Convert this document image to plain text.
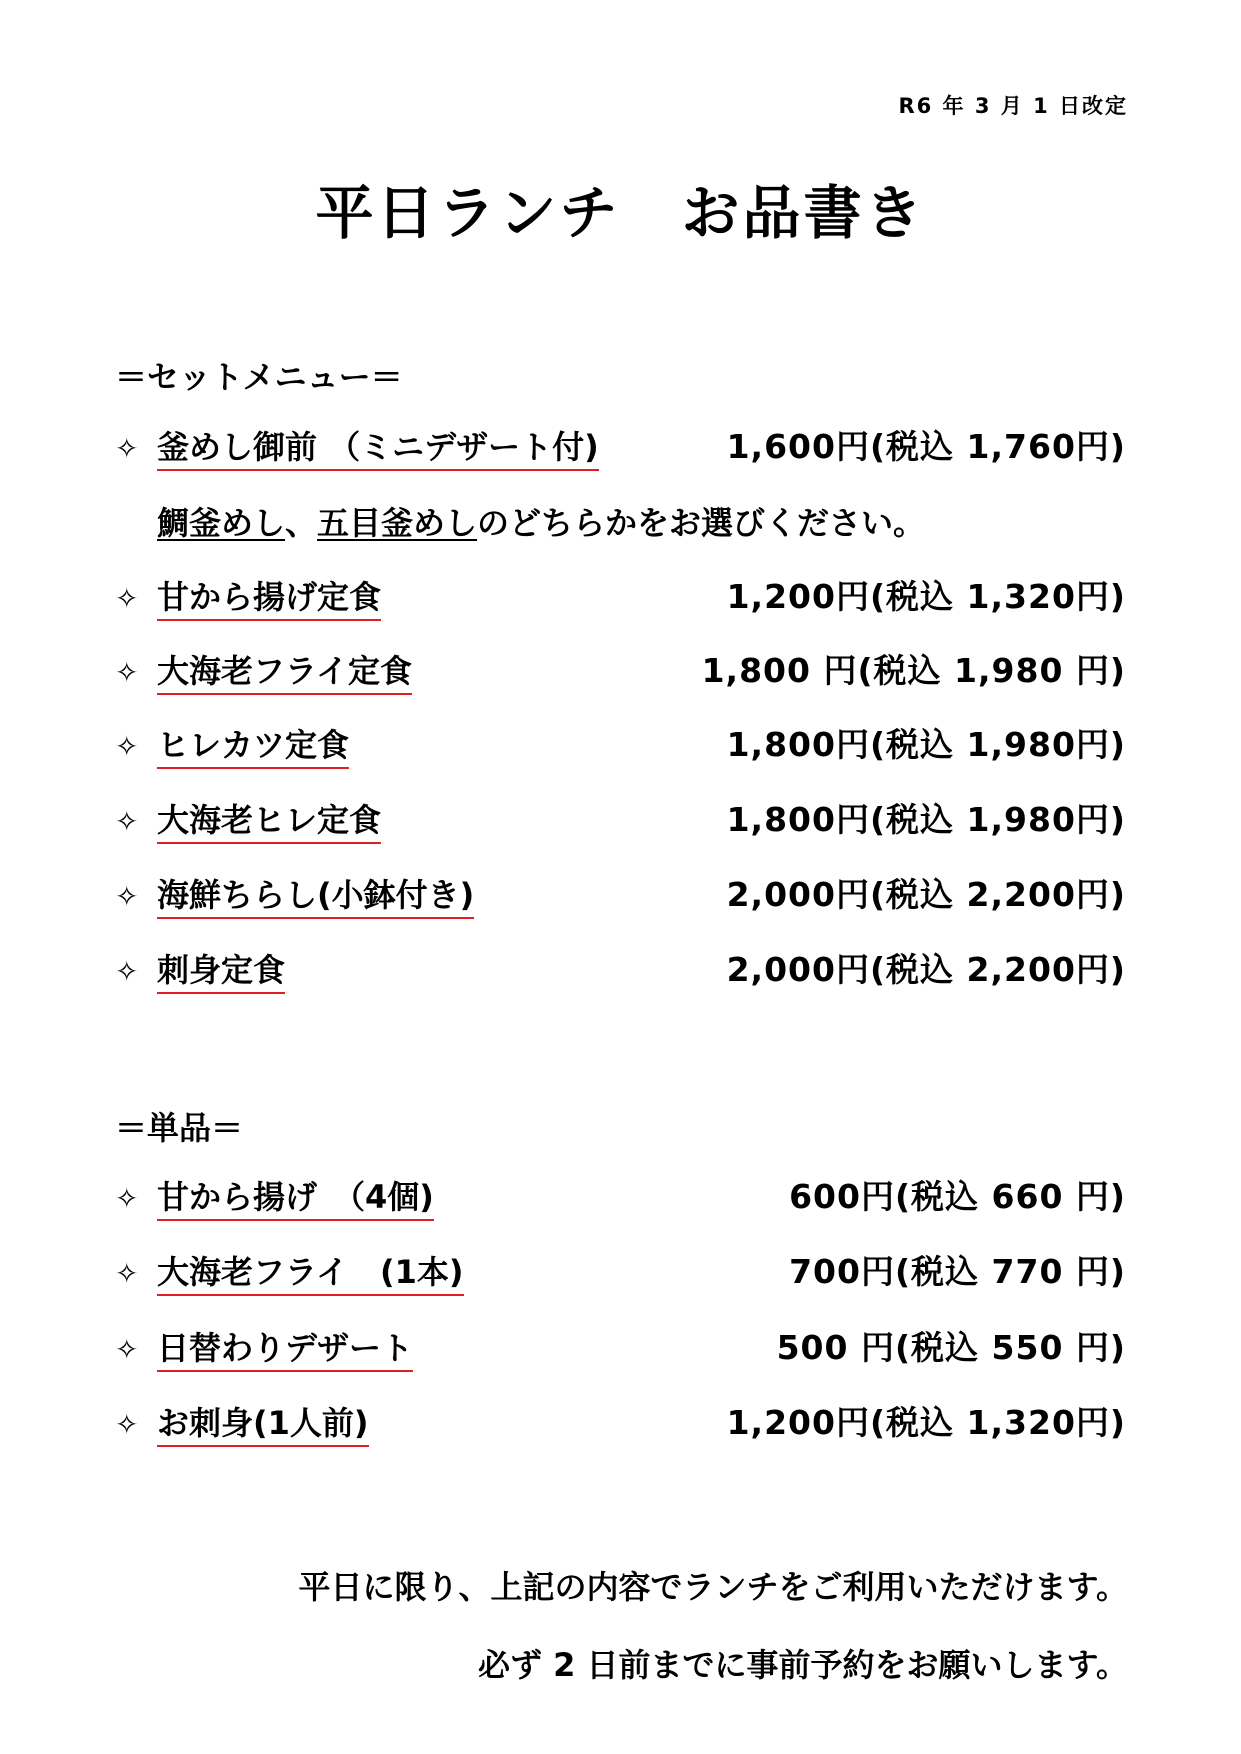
R6 年 3 月 1 日改定
平日ランチ　お品書き
＝セットメニュー＝
✧ 釜めし御前 （ミニデザート付)	1,600円(税込 1,760円)
鯛釜めし、五目釜めしのどちらかをお選びください。
✧ 甘から揚げ定食	1,200円(税込 1,320円)
✧ 大海老フライ定食	1,800 円(税込 1,980 円)
✧ ヒレカツ定食	1,800円(税込 1,980円)
✧ 大海老ヒレ定食	1,800円(税込 1,980円)
✧ 海鮮ちらし(小鉢付き)	2,000円(税込 2,200円)
✧ 刺身定食	2,000円(税込 2,200円)
＝単品＝
✧ 甘から揚げ　（4個)	600円(税込 660 円)
✧ 大海老フライ　(1本)	700円(税込 770 円)
✧ 日替わりデザート	500 円(税込 550 円)
✧ お刺身(1人前)	1,200円(税込 1,320円)
平日に限り、上記の内容でランチをご利用いただけます。
必ず 2 日前までに事前予約をお願いします。
